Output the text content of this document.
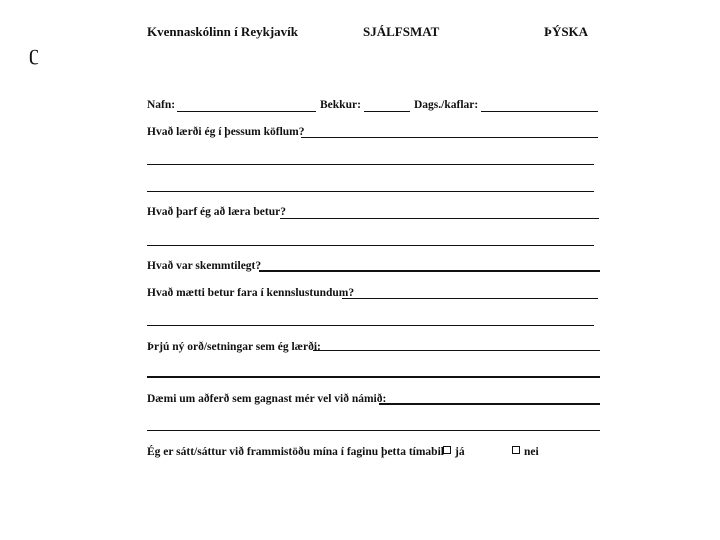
ʗ
Kvennaskólinn í Reykjavík	SJÁLFSMAT	ÞÝSKA
Nafn:	Bekkur:	Dags./kaflar:
Hvað lærði ég í þessum köflum?
Hvað þarf ég að læra betur?
Hvað var skemmtilegt?
Hvað mætti betur fara í kennslustundum?
Þrjú ný orð/setningar sem ég lærði:
Dæmi um aðferð sem gagnast mér vel við námið:
Ég er sátt/sáttur við frammistöðu mína í faginu þetta tímabil já	nei
